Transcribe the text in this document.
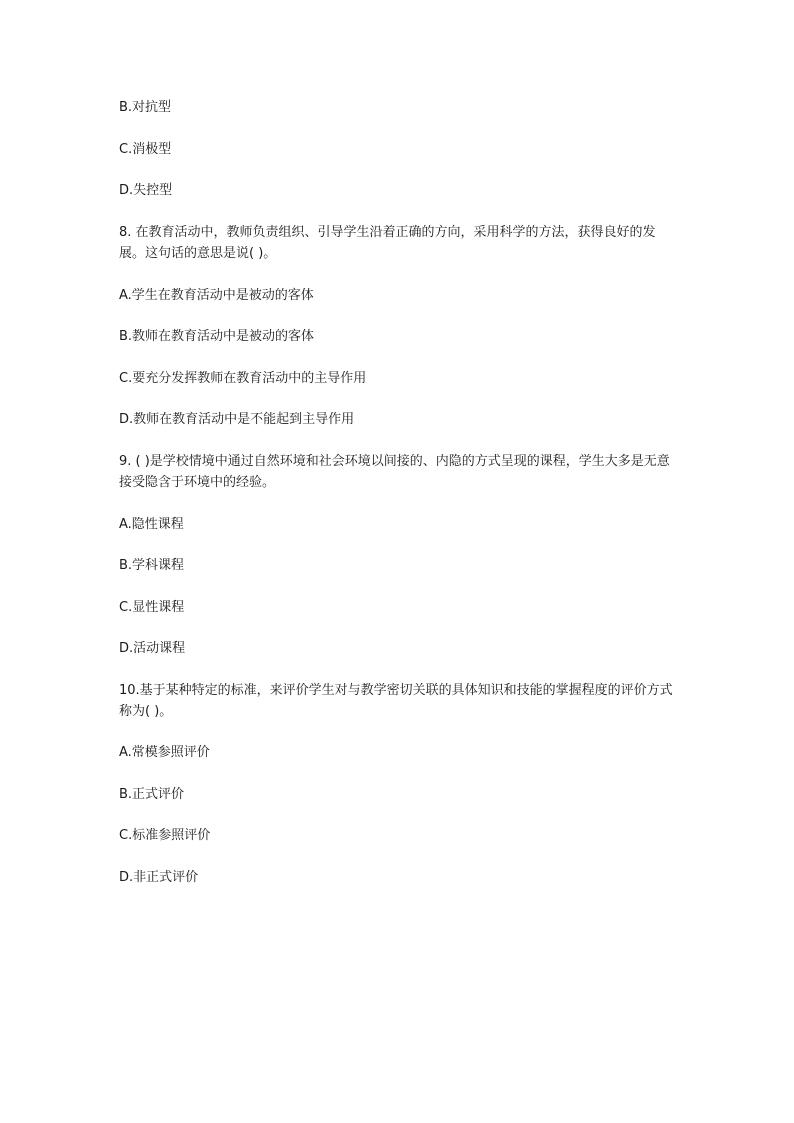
B.对抗型
C.消极型
D.失控型
8. 在教育活动中，教师负责组织、引导学生沿着正确的方向，采用科学的方法，获得良好的发展。这句话的意思是说( )。
A.学生在教育活动中是被动的客体
B.教师在教育活动中是被动的客体
C.要充分发挥教师在教育活动中的主导作用
D.教师在教育活动中是不能起到主导作用
9. ( )是学校情境中通过自然环境和社会环境以间接的、内隐的方式呈现的课程，学生大多是无意接受隐含于环境中的经验。
A.隐性课程
B.学科课程
C.显性课程
D.活动课程
10.基于某种特定的标准，来评价学生对与教学密切关联的具体知识和技能的掌握程度的评价方式称为( )。
A.常模参照评价
B.正式评价
C.标准参照评价
D.非正式评价
